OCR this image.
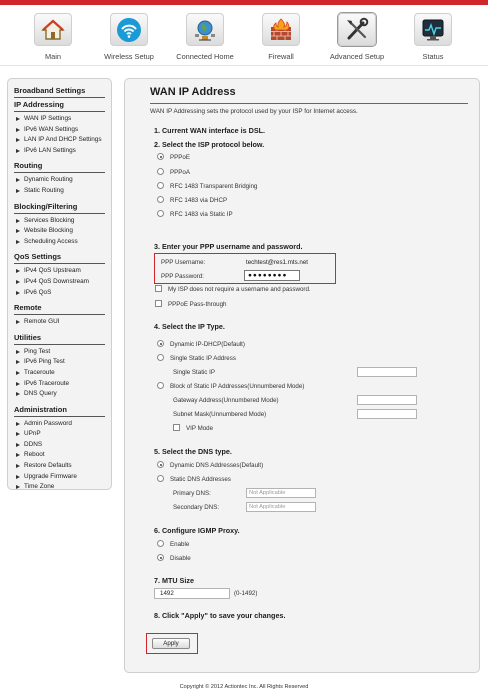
Main	Wireless Setup	Connected Home	Firewall	Advanced Setup	Status
Broadband Settings
IP Addressing
WAN IP Settings
IPv6 WAN Settings
LAN IP And DHCP Settings
IPv6 LAN Settings
Routing
Dynamic Routing
Static Routing
Blocking/Filtering
Services Blocking
Website Blocking
Scheduling Access
QoS Settings
IPv4 QoS Upstream
IPv4 QoS Downstream
IPv6 QoS
Remote
Remote GUI
Utilities
Ping Test
IPv6 Ping Test
Traceroute
IPv6 Traceroute
DNS Query
Administration
Admin Password
UPnP
DDNS
Reboot
Restore Defaults
Upgrade Firmware
Time Zone
WAN IP Address
WAN IP Addressing sets the protocol used by your ISP for Internet access.
1. Current WAN interface is DSL.
2. Select the ISP protocol below.
PPPoE
PPPoA
RFC 1483 Transparent Bridging
RFC 1483 via DHCP
RFC 1483 via Static IP
3. Enter your PPP username and password.
PPP Username:	techtest@res1.mts.net
PPP Password:	●●●●●●●●
My ISP does not require a username and password.
PPPoE Pass-through
4. Select the IP Type.
Dynamic IP-DHCP(Default)
Single Static IP Address
Single Static IP
Block of Static IP Addresses(Unnumbered Mode)
Gateway Address(Unnumbered Mode)
Subnet Mask(Unnumbered Mode)
VIP Mode
5. Select the DNS type.
Dynamic DNS Addresses(Default)
Static DNS Addresses
Primary DNS:	Not Applicable
Secondary DNS:	Not Applicable
6. Configure IGMP Proxy.
Enable
Disable
7. MTU Size
1492	(0-1492)
8. Click "Apply" to save your changes.
Apply
Copyright © 2012 Actiontec Inc. All Rights Reserved
